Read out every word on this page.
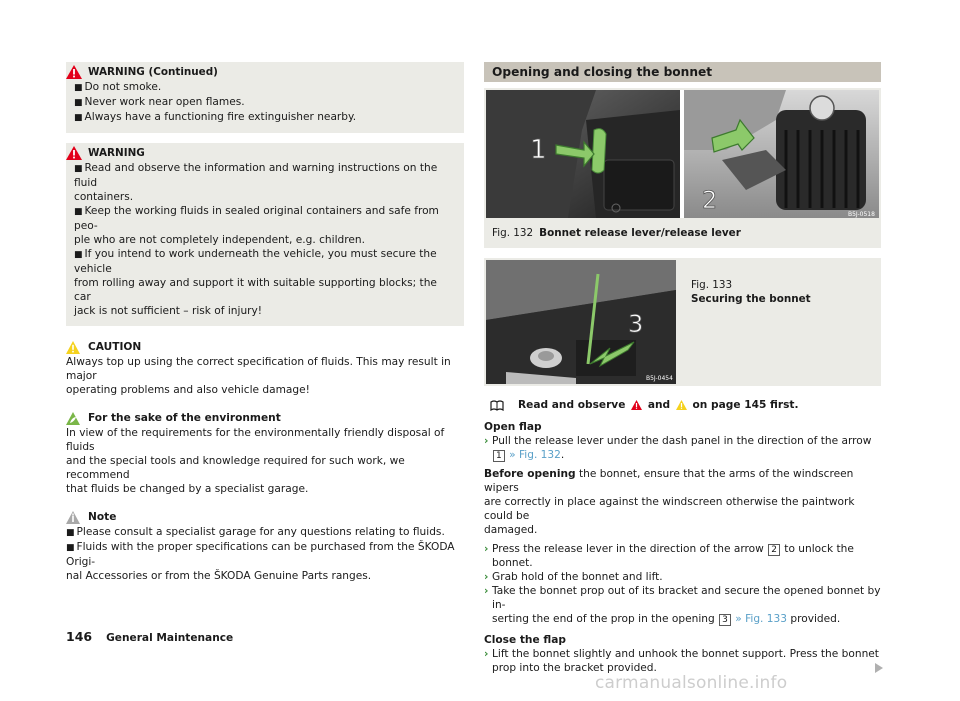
WARNING (Continued)
■ Do not smoke.
■ Never work near open flames.
■ Always have a functioning fire extinguisher nearby.
WARNING
■ Read and observe the information and warning instructions on the fluid
containers.
■ Keep the working fluids in sealed original containers and safe from peo-
ple who are not completely independent, e.g. children.
■ If you intend to work underneath the vehicle, you must secure the vehicle
from rolling away and support it with suitable supporting blocks; the car
jack is not sufficient – risk of injury!
CAUTION

Always top up using the correct specification of fluids. This may result in major
operating problems and also vehicle damage!

For the sake of the environment

In view of the requirements for the environmentally friendly disposal of fluids
and the special tools and knowledge required for such work, we recommend
that fluids be changed by a specialist garage.

Note
■ Please consult a specialist garage for any questions relating to fluids.
■ Fluids with the proper specifications can be purchased from the ŠKODA Origi-
nal Accessories or from the ŠKODA Genuine Parts ranges.
Opening and closing the bonnet
1
2
B5J-0518
Fig. 132 Bonnet release lever/release lever
3
B5J-0454
Fig. 133
Securing the bonnet
Read and observe

and

on page 145 first.
Open flap
› Pull the release lever under the dash panel in the direction of the arrow
1 » Fig. 132.
Before opening the bonnet, ensure that the arms of the windscreen wipers
are correctly in place against the windscreen otherwise the paintwork could be
damaged.
› Press the release lever in the direction of the arrow 2 to unlock the bonnet.
› Grab hold of the bonnet and lift.
› Take the bonnet prop out of its bracket and secure the opened bonnet by in-
serting the end of the prop in the opening 3 » Fig. 133 provided.
Close the flap
› Lift the bonnet slightly and unhook the bonnet support. Press the bonnet
prop into the bracket provided.
146 General Maintenance
carmanualsonline.info
